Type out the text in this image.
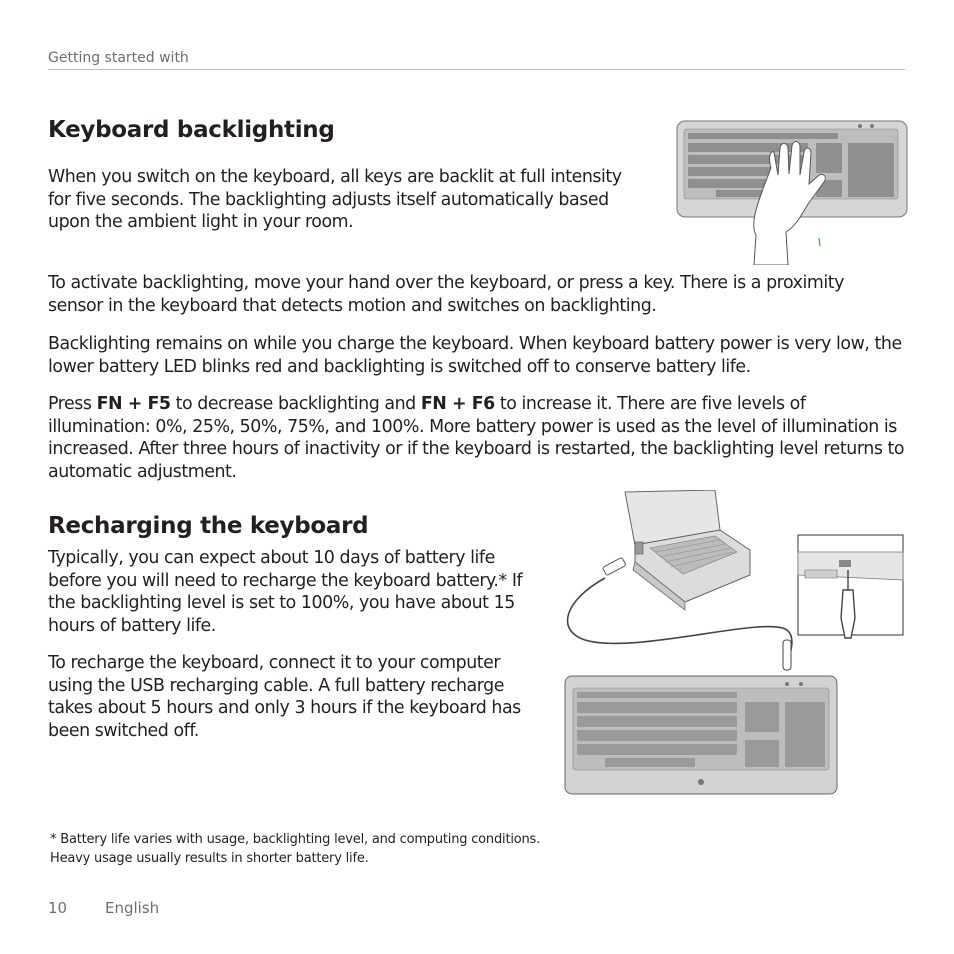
Getting started with
Keyboard backlighting

When you switch on the keyboard, all keys are backlit at full intensity for five seconds. The backlighting adjusts itself automatically based upon the ambient light in your room.

To activate backlighting, move your hand over the keyboard, or press a key. There is a proximity sensor in the keyboard that detects motion and switches on backlighting.

Backlighting remains on while you charge the keyboard. When keyboard battery power is very low, the lower battery LED blinks red and backlighting is switched off to conserve battery life.

Press FN + F5 to decrease backlighting and FN + F6 to increase it. There are five levels of illumination: 0%, 25%, 50%, 75%, and 100%. More battery power is used as the level of illumination is increased. After three hours of inactivity or if the keyboard is restarted, the backlighting level returns to automatic adjustment.

Recharging the keyboard

Typically, you can expect about 10 days of battery life before you will need to recharge the keyboard battery.* If the backlighting level is set to 100%, you have about 15 hours of battery life.

To recharge the keyboard, connect it to your computer using the USB recharging cable. A full battery recharge takes about 5 hours and only 3 hours if the keyboard has been switched off.

* Battery life varies with usage, backlighting level, and computing conditions.
Heavy usage usually results in shorter battery life.
10	English
